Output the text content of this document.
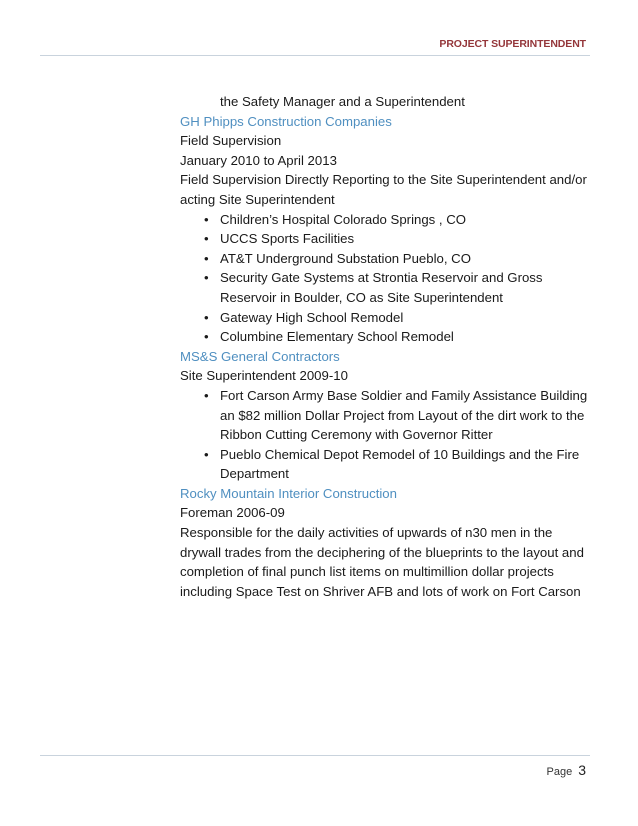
PROJECT SUPERINTENDENT

the Safety Manager and a Superintendent

GH Phipps Construction Companies

Field Supervision

January 2010 to April 2013

Field Supervision Directly Reporting to the Site Superintendent and/or acting Site Superintendent

• Children’s Hospital Colorado Springs , CO
• UCCS Sports Facilities
• AT&T Underground Substation Pueblo, CO
• Security Gate Systems at Strontia Reservoir and Gross Reservoir in Boulder, CO as Site Superintendent
• Gateway High School Remodel
• Columbine Elementary School Remodel

MS&S General Contractors

Site Superintendent 2009-10

• Fort Carson Army Base Soldier and Family Assistance Building an $82 million Dollar Project from Layout of the dirt work to the Ribbon Cutting Ceremony with Governor Ritter
• Pueblo Chemical Depot Remodel of 10 Buildings and the Fire Department

Rocky Mountain Interior Construction

Foreman 2006-09

Responsible for the daily activities of upwards of n30 men in the drywall trades from the deciphering of the blueprints to the layout and completion of final punch list items on multimillion dollar projects including Space Test on Shriver AFB and lots of work on Fort Carson

Page 3
